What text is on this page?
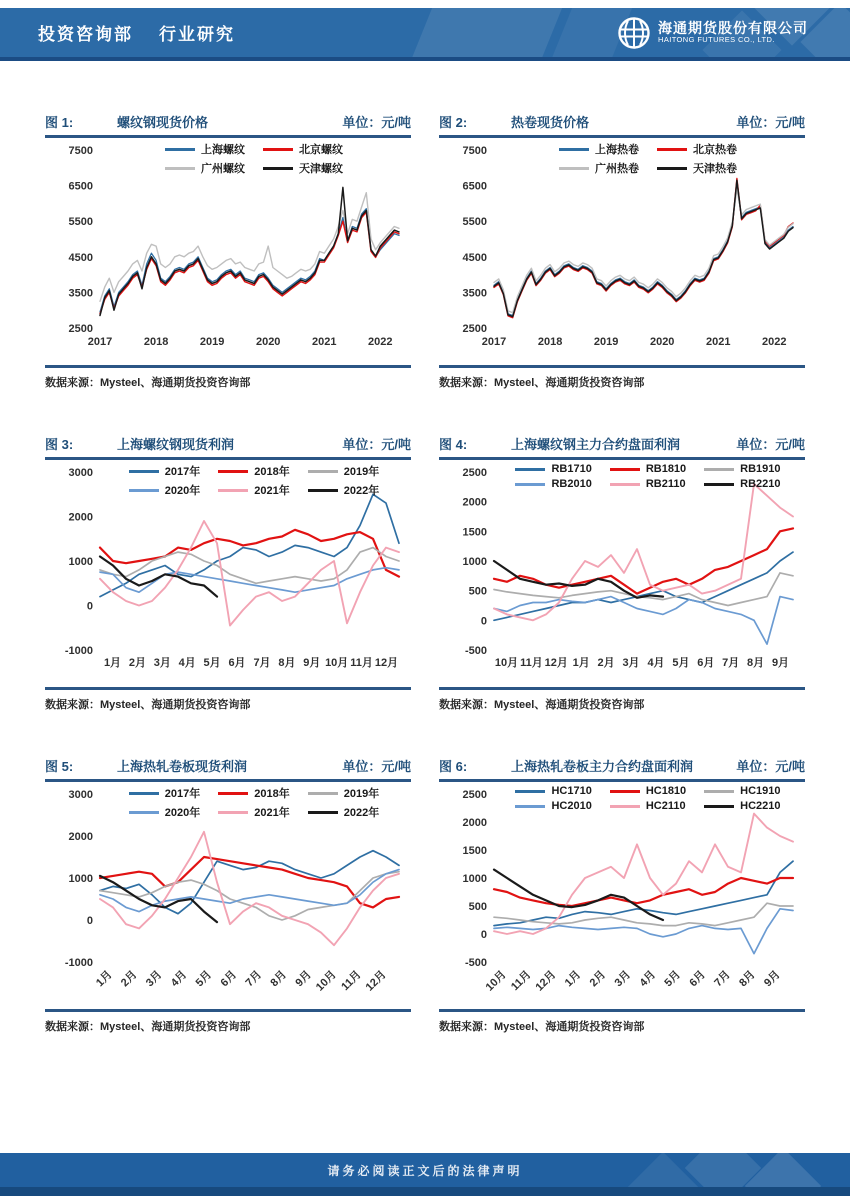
投资咨询部 行业研究	海通期货股份有限公司
HAITONG FUTURES CO., LTD.
图 1:	螺纹钢现货价格	单位：元/吨
上海螺纹	北京螺纹
广州螺纹	天津螺纹
7500
6500
5500
4500
3500
2500
2017	2018	2019	2020	2021	2022
数据来源：Mysteel、海通期货投资咨询部
图 2:	热卷现货价格	单位：元/吨
上海热卷	北京热卷
广州热卷	天津热卷
7500
6500
5500
4500
3500
2500
2017	2018	2019	2020	2021	2022
数据来源：Mysteel、海通期货投资咨询部
图 3:	上海螺纹钢现货利润	单位：元/吨
2017年	2018年	2019年
2020年	2021年	2022年
3000
2000
1000
0
-1000
1月 2月 3月 4月 5月 6月 7月 8月 9月 10月 11月 12月
数据来源：Mysteel、海通期货投资咨询部
图 4:	上海螺纹钢主力合约盘面利润	单位：元/吨
RB1710	RB1810	RB1910
RB2010	RB2110	RB2210
2500
2000
1500
1000
500
0
-500
10月 11月 12月 1月 2月 3月 4月 5月 6月 7月 8月 9月
数据来源：Mysteel、海通期货投资咨询部
图 5:	上海热轧卷板现货利润	单位：元/吨
2017年	2018年	2019年
2020年	2021年	2022年
3000
2000
1000
0
-1000
1月 2月 3月 4月 5月 6月 7月 8月 9月 10月 11月 12月
数据来源：Mysteel、海通期货投资咨询部
图 6:	上海热轧卷板主力合约盘面利润	单位：元/吨
HC1710	HC1810	HC1910
HC2010	HC2110	HC2210
2500
2000
1500
1000
500
0
-500
10月 11月 12月 1月 2月 3月 4月 5月 6月 7月 8月 9月
数据来源：Mysteel、海通期货投资咨询部
请务必阅读正文后的法律声明
